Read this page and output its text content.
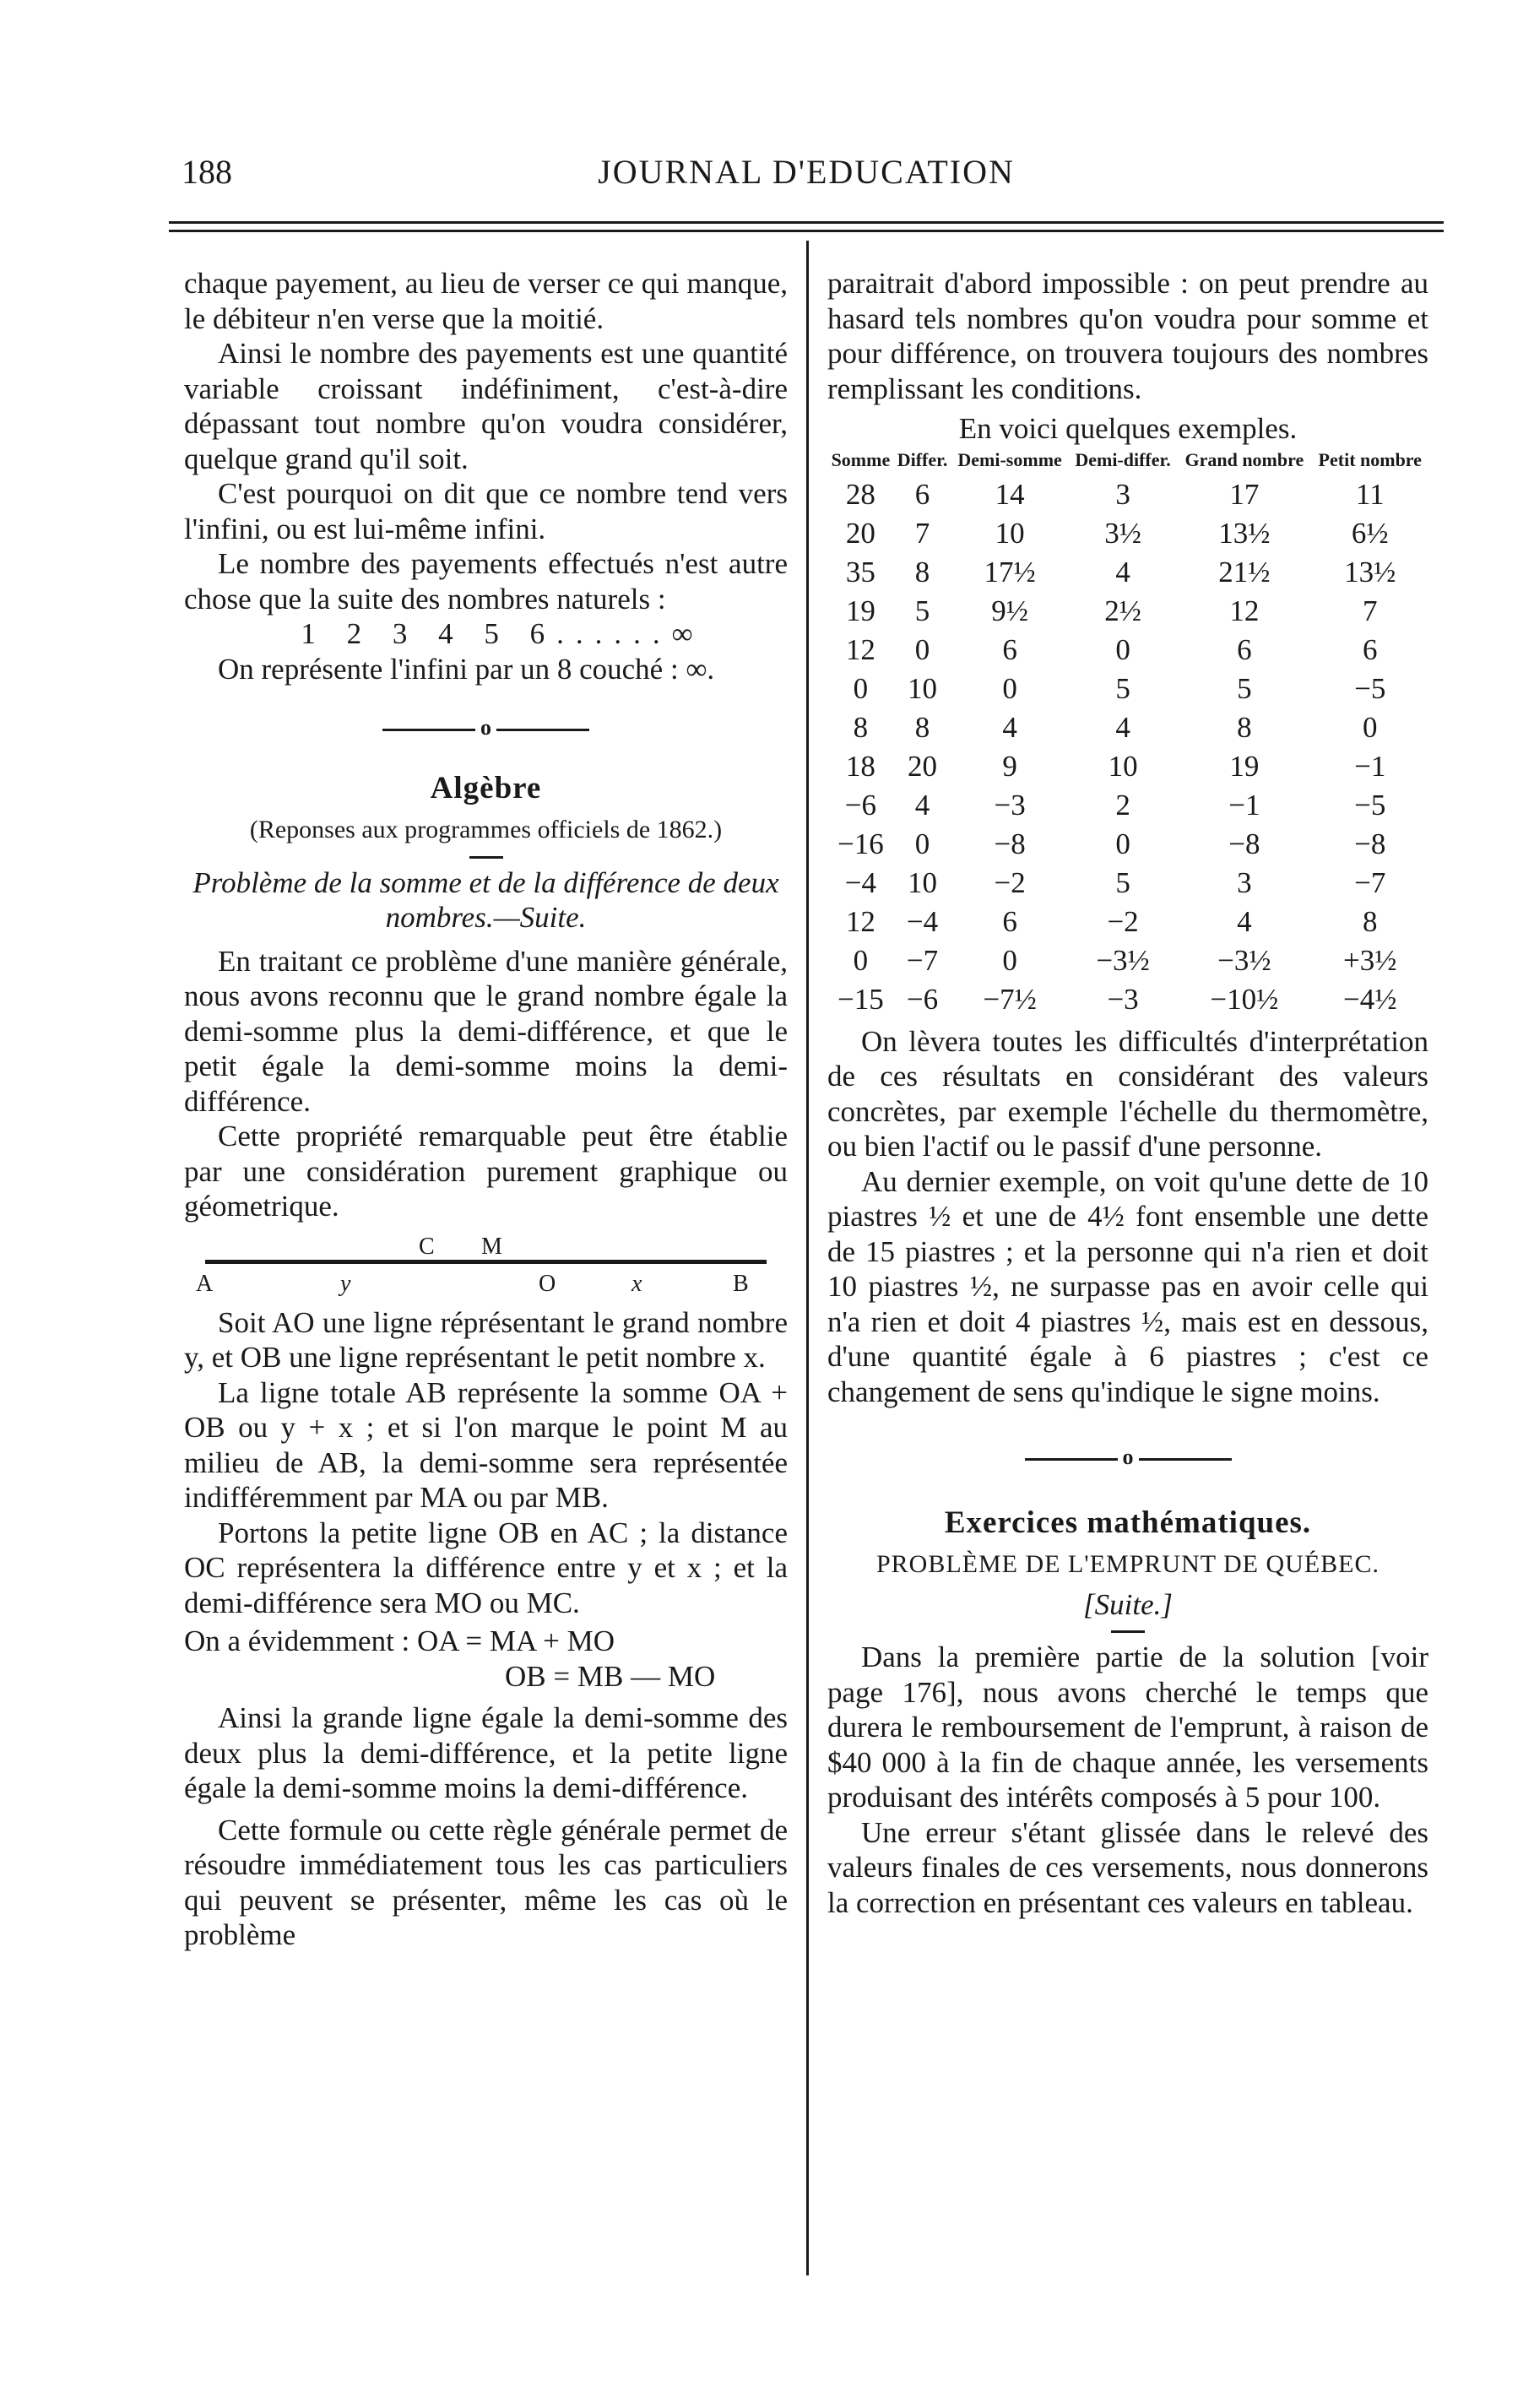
188	JOURNAL D'EDUCATION

chaque payement, au lieu de verser ce qui manque, le débiteur n'en verse que la moitié.

Ainsi le nombre des payements est une quantité variable croissant indéfiniment, c'est-à-dire dépassant tout nombre qu'on voudra considérer, quelque grand qu'il soit.

C'est pourquoi on dit que ce nombre tend vers l'infini, ou est lui-même infini.

Le nombre des payements effectués n'est autre chose que la suite des nombres naturels :

1 2 3 4 5 6......∞

On représente l'infini par un 8 couché : ∞.

o
Algèbre
(Reponses aux programmes officiels de 1862.)

Problème de la somme et de la différence de deux nombres.—Suite.

En traitant ce problème d'une manière générale, nous avons reconnu que le grand nombre égale la demi-somme plus la demi-différence, et que le petit égale la demi-somme moins la demi-différence.

Cette propriété remarquable peut être établie par une considération purement graphique ou géometrique.

C M
A	y	O	x	B

Soit AO une ligne réprésentant le grand nombre y, et OB une ligne représentant le petit nombre x.

La ligne totale AB représente la somme OA + OB ou y + x ; et si l'on marque le point M au milieu de AB, la demi-somme sera représentée indifféremment par MA ou par MB.

Portons la petite ligne OB en AC ; la distance OC représentera la différence entre y et x ; et la demi-différence sera MO ou MC.

On a évidemment : OA = MA + MO

OB = MB — MO

Ainsi la grande ligne égale la demi-somme des deux plus la demi-différence, et la petite ligne égale la demi-somme moins la demi-différence.

Cette formule ou cette règle générale permet de résoudre immédiatement tous les cas particuliers qui peuvent se présenter, même les cas où le problème

paraitrait d'abord impossible : on peut prendre au hasard tels nombres qu'on voudra pour somme et pour différence, on trouvera toujours des nombres remplissant les conditions.

En voici quelques exemples.

Somme	Differ.	Demi-somme	Demi-differ.	Grand nombre	Petit nombre
28	6	14	3	17	11
20	7	10	3½	13½	6½
35	8	17½	4	21½	13½
19	5	9½	2½	12	7
12	0	6	0	6	6
0	10	0	5	5	−5
8	8	4	4	8	0
18	20	9	10	19	−1
−6	4	−3	2	−1	−5
−16	0	−8	0	−8	−8
−4	10	−2	5	3	−7
12	−4	6	−2	4	8
0	−7	0	−3½	−3½	+3½
−15	−6	−7½	−3	−10½	−4½

On lèvera toutes les difficultés d'interprétation de ces résultats en considérant des valeurs concrètes, par exemple l'échelle du thermomètre, ou bien l'actif ou le passif d'une personne.

Au dernier exemple, on voit qu'une dette de 10 piastres ½ et une de 4½ font ensemble une dette de 15 piastres ; et la personne qui n'a rien et doit 10 piastres ½, ne surpasse pas en avoir celle qui n'a rien et doit 4 piastres ½, mais est en dessous, d'une quantité égale à 6 piastres ; c'est ce changement de sens qu'indique le signe moins.

o
Exercices mathématiques.
PROBLÈME DE L'EMPRUNT DE QUÉBEC.

[Suite.]

Dans la première partie de la solution [voir page 176], nous avons cherché le temps que durera le remboursement de l'emprunt, à raison de $40 000 à la fin de chaque année, les versements produisant des intérêts composés à 5 pour 100.

Une erreur s'étant glissée dans le relevé des valeurs finales de ces versements, nous donnerons la correction en présentant ces valeurs en tableau.
